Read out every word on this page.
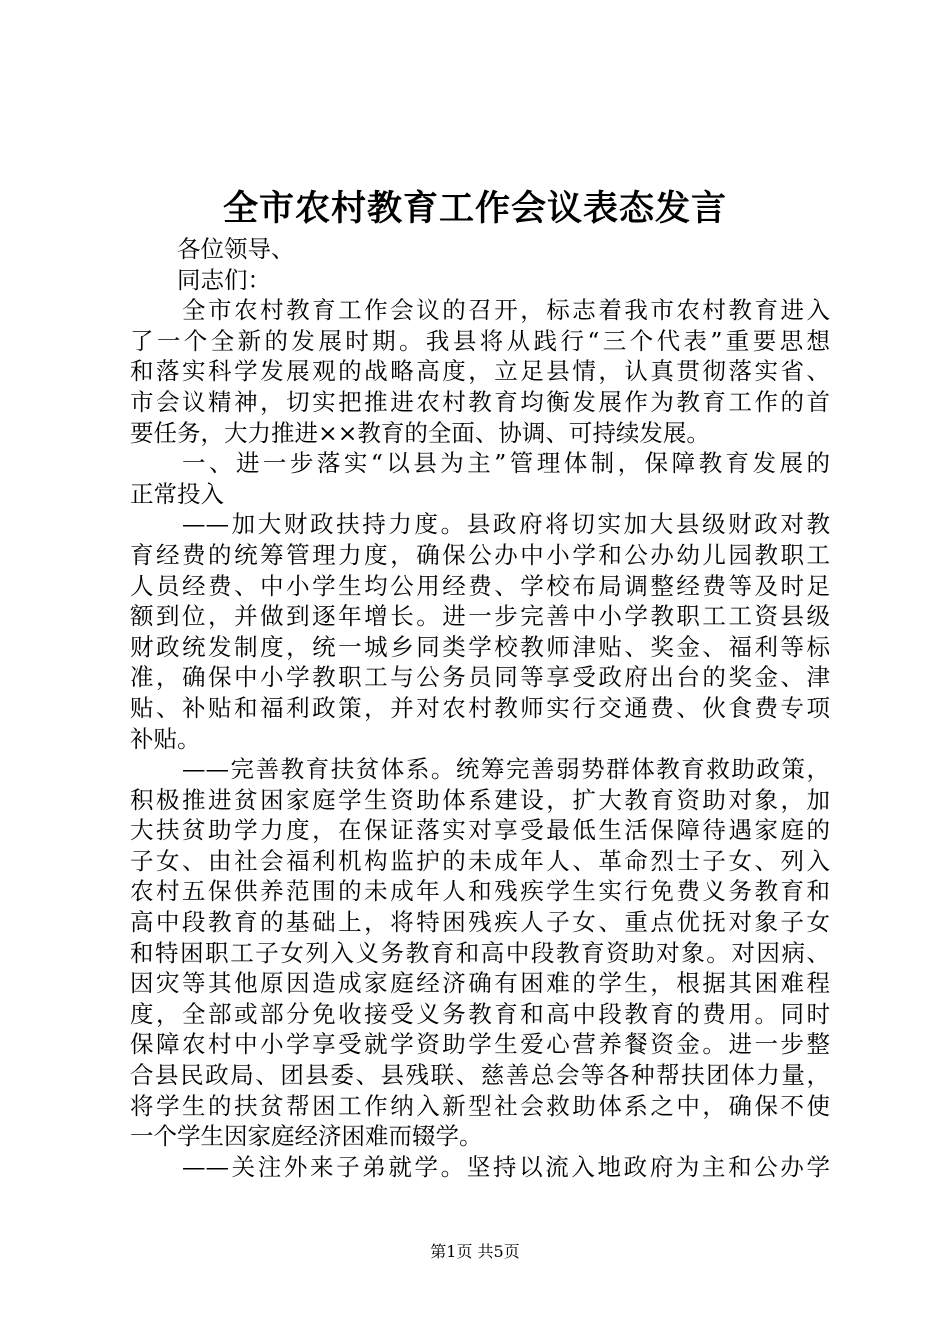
全市农村教育工作会议表态发言
各位领导、
同志们：
全市农村教育工作会议的召开，标志着我市农村教育进入
了一个全新的发展时期。我县将从践行“三个代表”重要思想
和落实科学发展观的战略高度，立足县情，认真贯彻落实省、
市会议精神，切实把推进农村教育均衡发展作为教育工作的首
要任务，大力推进××教育的全面、协调、可持续发展。
一、进一步落实“以县为主”管理体制，保障教育发展的
正常投入
——加大财政扶持力度。县政府将切实加大县级财政对教
育经费的统筹管理力度，确保公办中小学和公办幼儿园教职工
人员经费、中小学生均公用经费、学校布局调整经费等及时足
额到位，并做到逐年增长。进一步完善中小学教职工工资县级
财政统发制度，统一城乡同类学校教师津贴、奖金、福利等标
准，确保中小学教职工与公务员同等享受政府出台的奖金、津
贴、补贴和福利政策，并对农村教师实行交通费、伙食费专项
补贴。
——完善教育扶贫体系。统筹完善弱势群体教育救助政策，
积极推进贫困家庭学生资助体系建设，扩大教育资助对象，加
大扶贫助学力度，在保证落实对享受最低生活保障待遇家庭的
子女、由社会福利机构监护的未成年人、革命烈士子女、列入
农村五保供养范围的未成年人和残疾学生实行免费义务教育和
高中段教育的基础上，将特困残疾人子女、重点优抚对象子女
和特困职工子女列入义务教育和高中段教育资助对象。对因病、
因灾等其他原因造成家庭经济确有困难的学生，根据其困难程
度，全部或部分免收接受义务教育和高中段教育的费用。同时
保障农村中小学享受就学资助学生爱心营养餐资金。进一步整
合县民政局、团县委、县残联、慈善总会等各种帮扶团体力量，
将学生的扶贫帮困工作纳入新型社会救助体系之中，确保不使
一个学生因家庭经济困难而辍学。
——关注外来子弟就学。坚持以流入地政府为主和公办学
第1页 共5页
